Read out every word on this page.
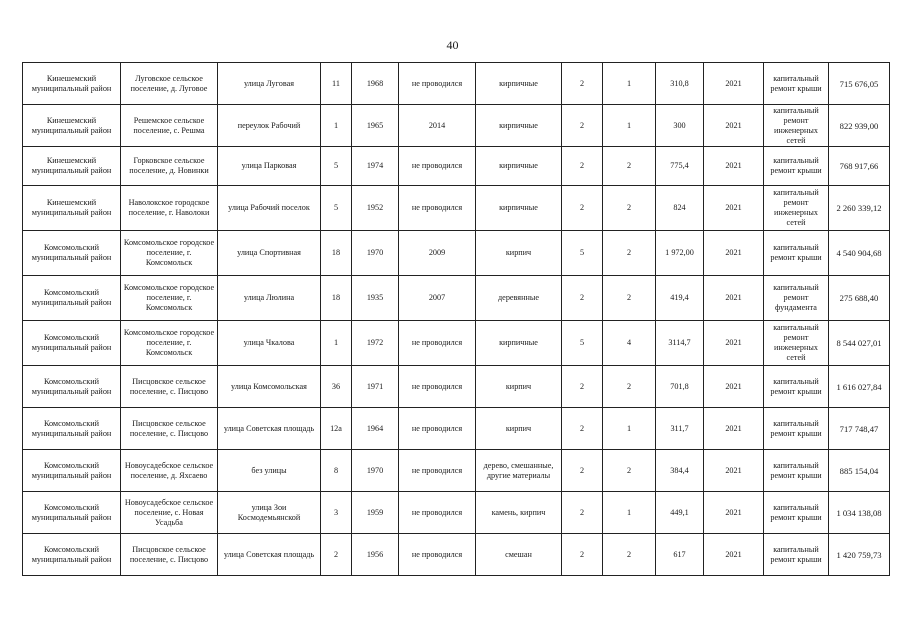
40
Кинешемский муниципальный район	Луговское сельское поселение, д. Луговое	улица Луговая	11	1968	не проводился	кирпичные	2	1	310,8	2021	капитальный ремонт крыши	715 676,05
Кинешемский муниципальный район	Решемское сельское поселение, с. Решма	переулок Рабочий	1	1965	2014	кирпичные	2	1	300	2021	капитальный ремонт инженерных сетей	822 939,00
Кинешемский муниципальный район	Горковское сельское поселение, д. Новинки	улица Парковая	5	1974	не проводился	кирпичные	2	2	775,4	2021	капитальный ремонт крыши	768 917,66
Кинешемский муниципальный район	Наволокское городское поселение, г. Наволоки	улица Рабочий поселок	5	1952	не проводился	кирпичные	2	2	824	2021	капитальный ремонт инженерных сетей	2 260 339,12
Комсомольский муниципальный район	Комсомольское городское поселение, г. Комсомольск	улица Спортивная	18	1970	2009	кирпич	5	2	1 972,00	2021	капитальный ремонт крыши	4 540 904,68
Комсомольский муниципальный район	Комсомольское городское поселение, г. Комсомольск	улица Люлина	18	1935	2007	деревянные	2	2	419,4	2021	капитальный ремонт фундамента	275 688,40
Комсомольский муниципальный район	Комсомольское городское поселение, г. Комсомольск	улица Чкалова	1	1972	не проводился	кирпичные	5	4	3114,7	2021	капитальный ремонт инженерных сетей	8 544 027,01
Комсомольский муниципальный район	Писцовское сельское поселение, с. Писцово	улица Комсомольская	36	1971	не проводился	кирпич	2	2	701,8	2021	капитальный ремонт крыши	1 616 027,84
Комсомольский муниципальный район	Писцовское сельское поселение, с. Писцово	улица Советская площадь	12а	1964	не проводился	кирпич	2	1	311,7	2021	капитальный ремонт крыши	717 748,47
Комсомольский муниципальный район	Новоусадебское сельское поселение, д. Яхсаево	без улицы	8	1970	не проводился	дерево, смешанные, другие материалы	2	2	384,4	2021	капитальный ремонт крыши	885 154,04
Комсомольский муниципальный район	Новоусадебское сельское поселение, с. Новая Усадьба	улица Зои Космодемьянской	3	1959	не проводился	камень, кирпич	2	1	449,1	2021	капитальный ремонт крыши	1 034 138,08
Комсомольский муниципальный район	Писцовское сельское поселение, с. Писцово	улица Советская площадь	2	1956	не проводился	смешан	2	2	617	2021	капитальный ремонт крыши	1 420 759,73
